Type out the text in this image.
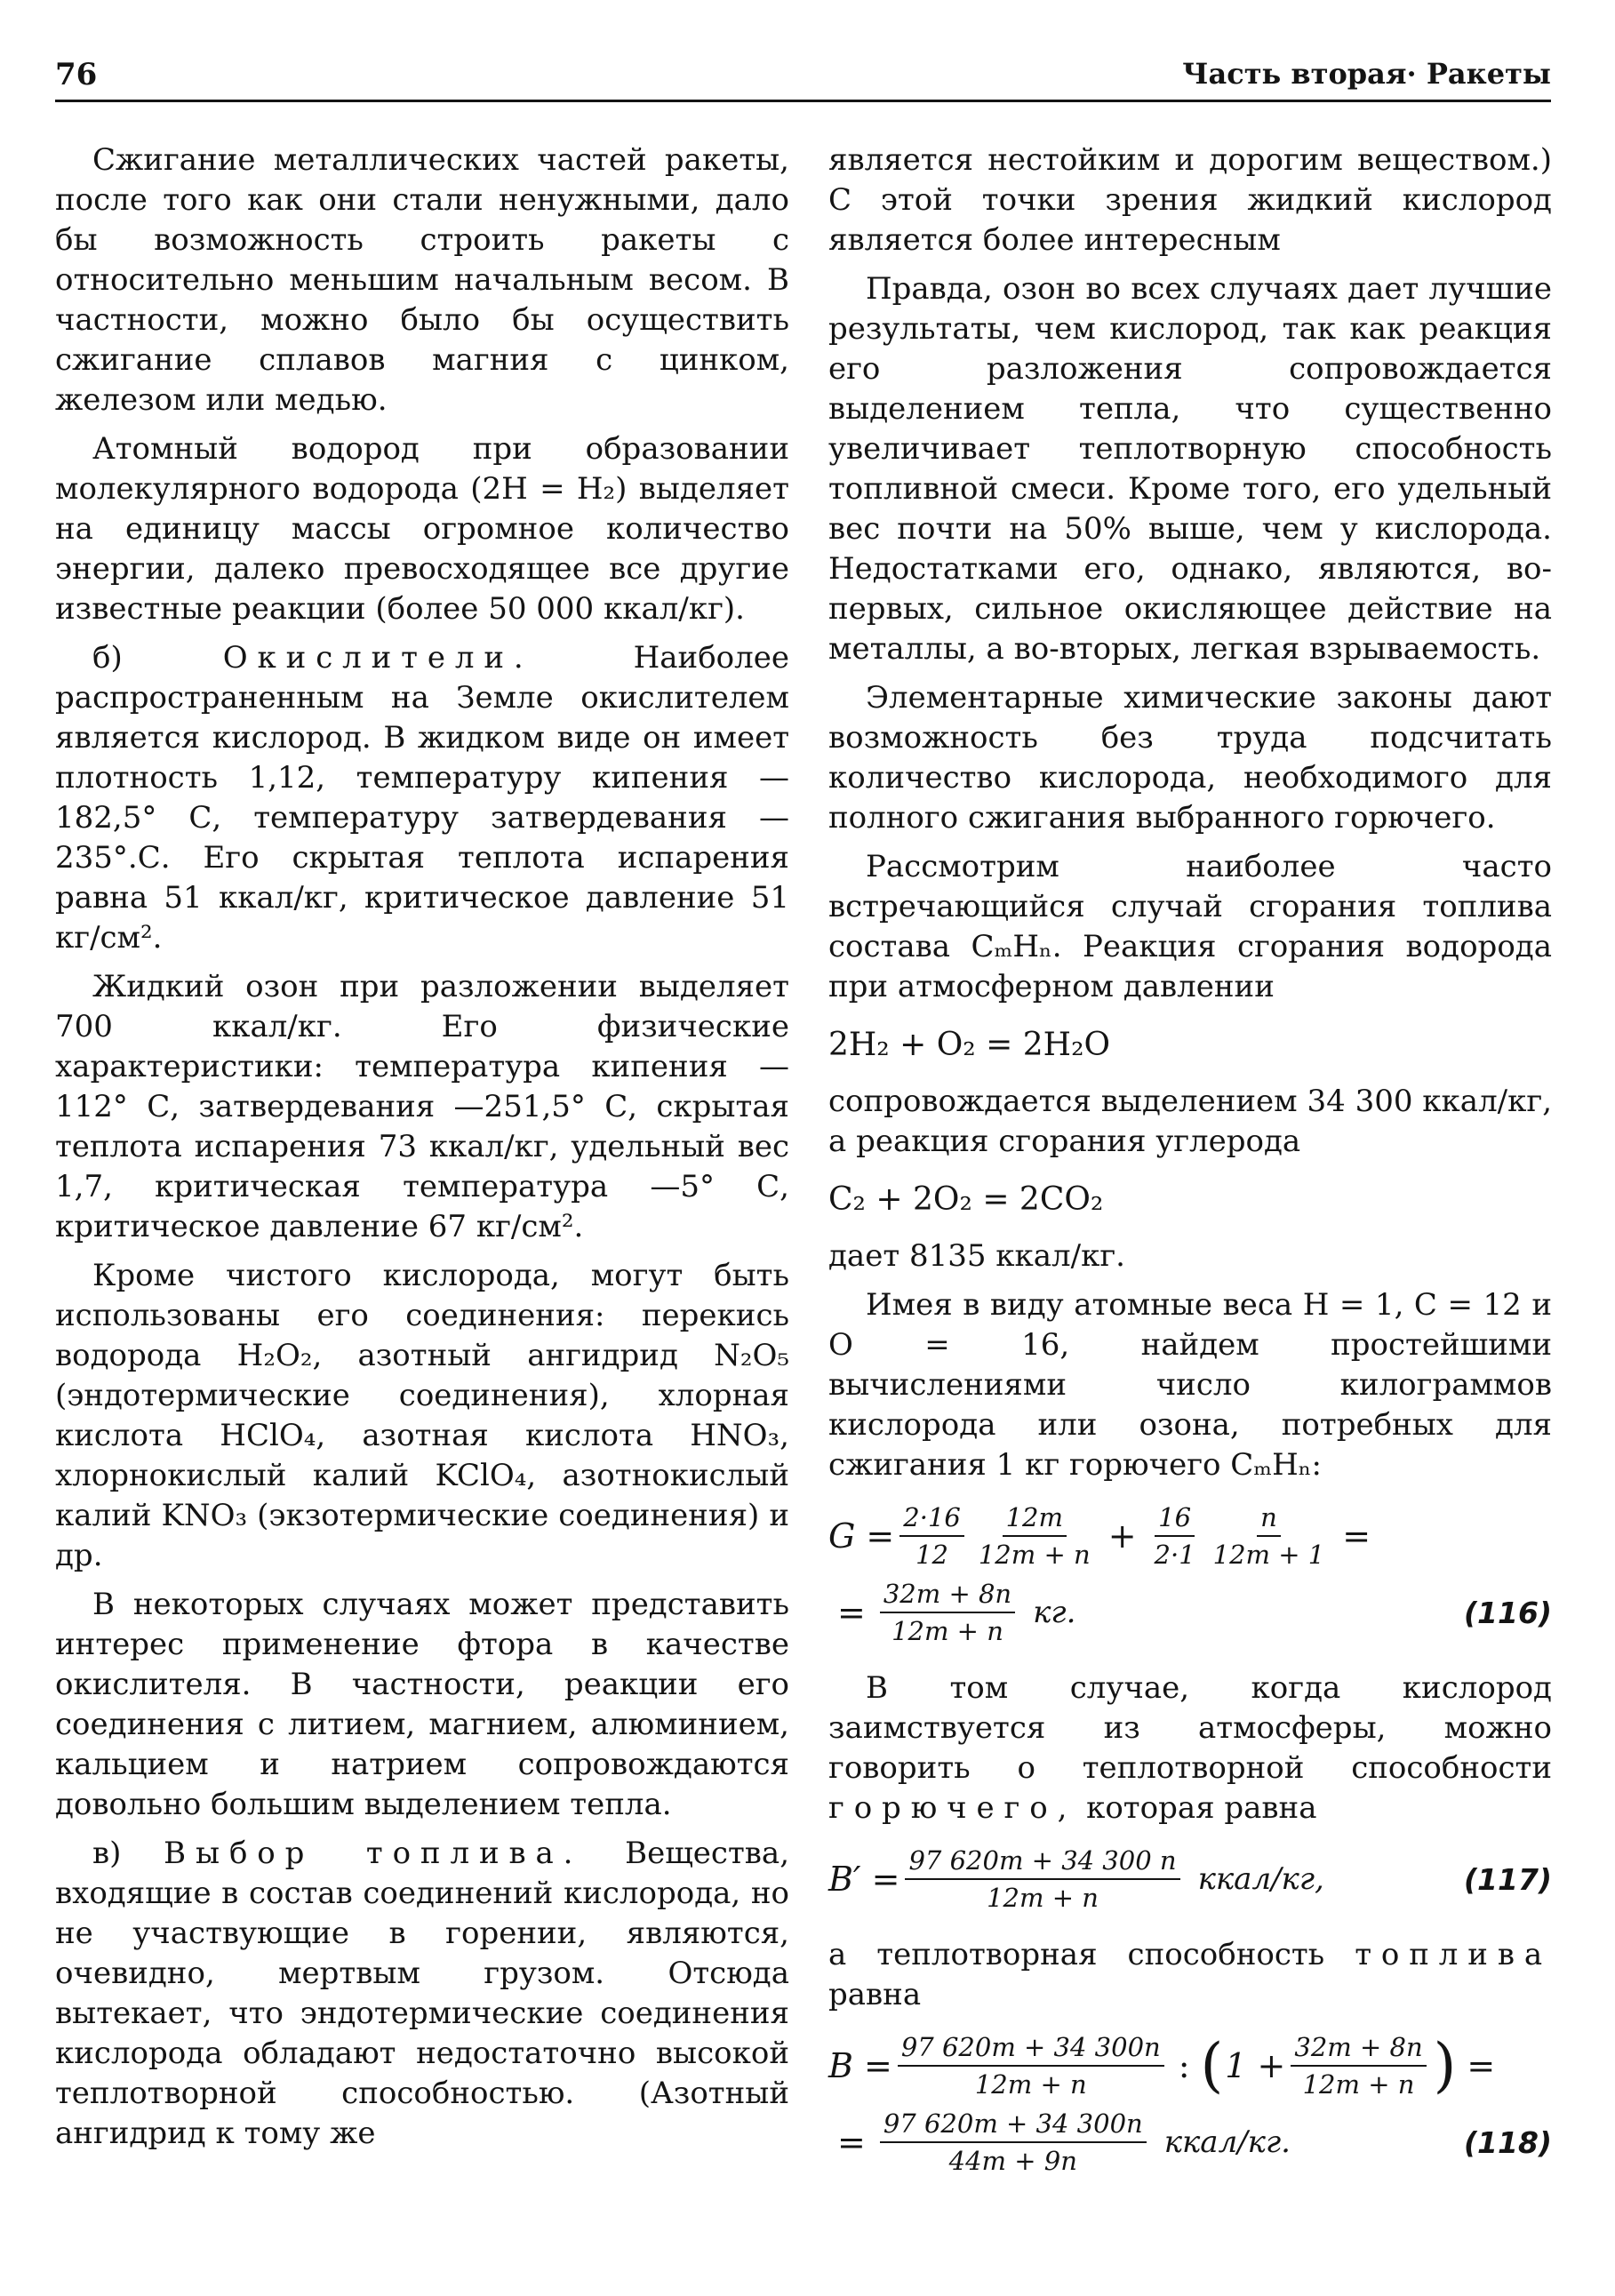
76	Часть вторая· Ракеты

Сжигание металлических частей ракеты, после того как они стали ненужными, дало бы возможность строить ракеты с относительно меньшим начальным весом. В частности, можно было бы осуществить сжигание сплавов магния с цинком, железом или медью.

Атомный водород при образовании молекулярного водорода (2H = H₂) выделяет на единицу массы огромное количество энергии, далеко превосходящее все другие известные реакции (более 50 000 ккал/кг).

б)	Окислители.	Наиболее распространенным на Земле окислителем является кислород. В жидком виде он имеет плотность 1,12, температуру кипения —182,5° С, температуру затвердевания —235°.С. Его скрытая теплота испарения равна 51 ккал/кг, критическое давление 51 кг/см².

Жидкий озон при разложении выделяет 700 ккал/кг. Его физические характеристики: температура кипения —112° С, затвердевания —251,5° С, скрытая теплота испарения 73 ккал/кг, удельный вес 1,7, критическая температура —5° С, критическое давление 67 кг/см².

Кроме чистого кислорода, могут быть использованы его соединения: перекись водорода H₂O₂, азотный ангидрид N₂O₅ (эндотермические соединения), хлорная кислота HClO₄, азотная кислота HNO₃, хлорнокислый калий KClO₄, азотнокислый калий KNO₃ (экзотермические соединения) и др.

В некоторых случаях может представить интерес применение фтора в качестве окислителя. В частности, реакции его соединения с литием, магнием, алюминием, кальцием и натрием сопровождаются довольно большим выделением тепла.

в) Выбор топлива. Вещества, входящие в состав соединений кислорода, но не участвующие в горении, являются, очевидно, мертвым грузом. Отсюда вытекает, что эндотермические соединения кислорода обладают недостаточно высокой теплотворной способностью. (Азотный ангидрид к тому же

является нестойким и дорогим веществом.) С этой точки зрения жидкий кислород является более интересным

Правда, озон во всех случаях дает лучшие результаты, чем кислород, так как реакция его разложения сопровождается выделением тепла, что существенно увеличивает теплотворную способность топливной смеси. Кроме того, его удельный вес почти на 50% выше, чем у кислорода. Недостатками его, однако, являются, во-первых, сильное окисляющее действие на металлы, а во-вторых, легкая взрываемость.

Элементарные химические законы дают возможность без труда подсчитать количество кислорода, необходимого для полного сжигания выбранного горючего.

Рассмотрим наиболее часто встречающийся случай сгорания топлива состава CₘHₙ. Реакция сгорания водорода при атмосферном давлении

2H₂ + O₂ = 2H₂O

сопровождается выделением 34 300 ккал/кг, а реакция сгорания углерода

C₂ + 2O₂ = 2CO₂

дает 8135 ккал/кг.

Имея в виду атомные веса H = 1, C = 12 и O = 16, найдем простейшими вычислениями число килограммов кислорода или озона, потребных для сжигания 1 кг горючего CₘHₙ:

$G = \frac{2\cdot 16}{12} \frac{12m}{12m + n} + \frac{16}{2\cdot 1} \frac{n}{12m + 1}$ =
= $\frac{32m + 8n}{12m + n}$ кг.	(116)

В том случае, когда кислород заимствуется из атмосферы, можно говорить о теплотворной способности горючего, которая равна

$B' = \frac{97 620m + 34 300 n}{12m + n}$ ккал/кг,	(117)

а теплотворная способность топлива равна

$B = \frac{97 620m + 34 300n}{12m + n}$ : ( $1 + \frac{32m + 8n}{12m + n}$ ) =
= $\frac{97 620m + 34 300n}{44m + 9n}$ ккал/кг.	(118)
